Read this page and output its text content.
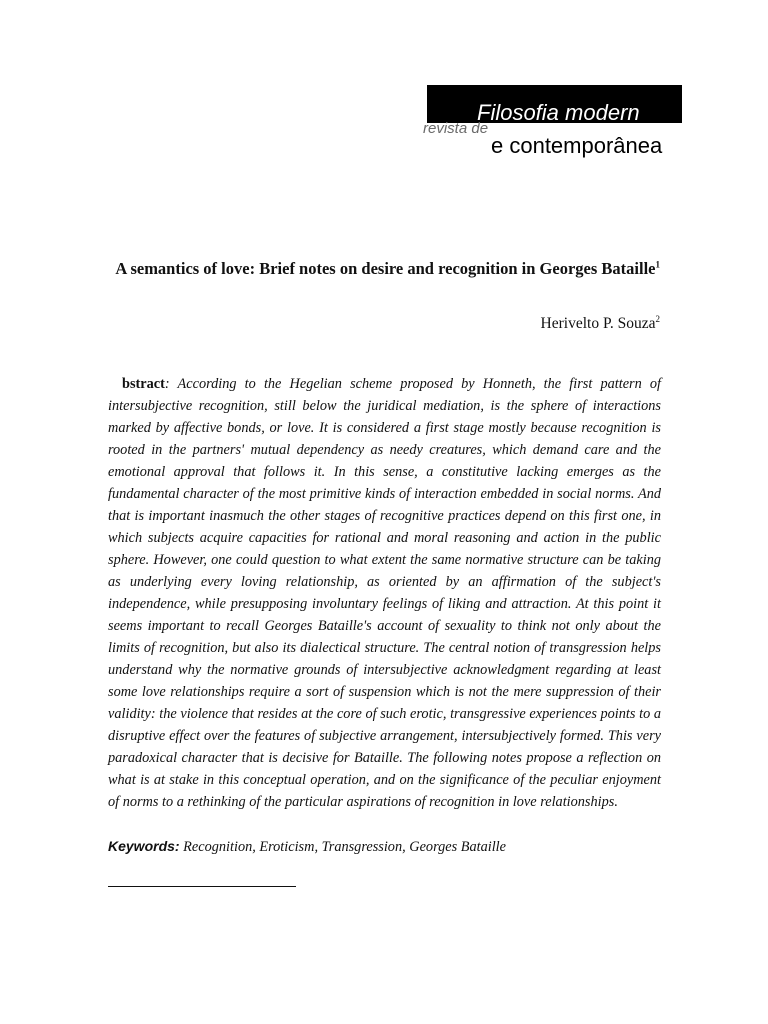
Filosofia moderna
revista de
e contemporânea
A semantics of love: Brief notes on desire and recognition in Georges Bataille$^1$
Herivelto P. Souza$^2$
bstract: According to the Hegelian scheme proposed by Honneth, the first pattern of intersubjective recognition, still below the juridical mediation, is the sphere of interactions marked by affective bonds, or love. It is considered a first stage mostly because recognition is rooted in the partners' mutual dependency as needy creatures, which demand care and the emotional approval that follows it. In this sense, a constitutive lacking emerges as the fundamental character of the most primitive kinds of interaction embedded in social norms. And that is important inasmuch the other stages of recognitive practices depend on this first one, in which subjects acquire capacities for rational and moral reasoning and action in the public sphere. However, one could question to what extent the same normative structure can be taking as underlying every loving relationship, as oriented by an affirmation of the subject's independence, while presupposing involuntary feelings of liking and attraction. At this point it seems important to recall Georges Bataille's account of sexuality to think not only about the limits of recognition, but also its dialectical structure. The central notion of transgression helps understand why the normative grounds of intersubjective acknowledgment regarding at least some love relationships require a sort of suspension which is not the mere suppression of their validity: the violence that resides at the core of such erotic, transgressive experiences points to a disruptive effect over the features of subjective arrangement, intersubjectively formed. This very paradoxical character that is decisive for Bataille. The following notes propose a reflection on what is at stake in this conceptual operation, and on the significance of the peculiar enjoyment of norms to a rethinking of the particular aspirations of recognition in love relationships.
Keywords: Recognition, Eroticism, Transgression, Georges Bataille
